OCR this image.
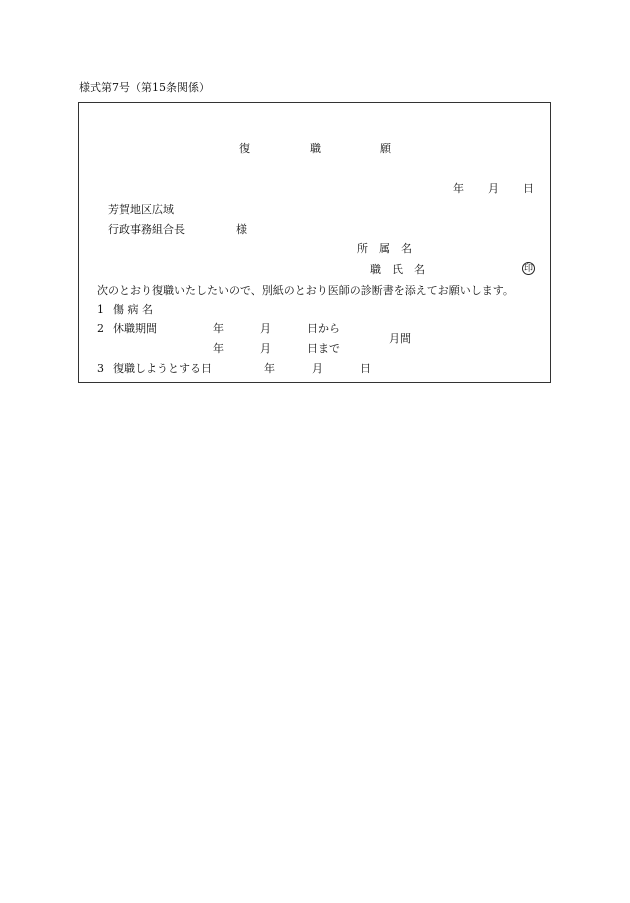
様式第7号（第15条関係）
復	職	願
年 月 日
芳賀地区広域
行政事務組合長	様
所　属　名
職　氏　名	印
次のとおり復職いたしたいので、別紙のとおり医師の診断書を添えてお願いします。
1 傷 病 名
2 休職期間	年	月	日から
年	月	日まで
月間
3 復職しようとする日	年	月	日
